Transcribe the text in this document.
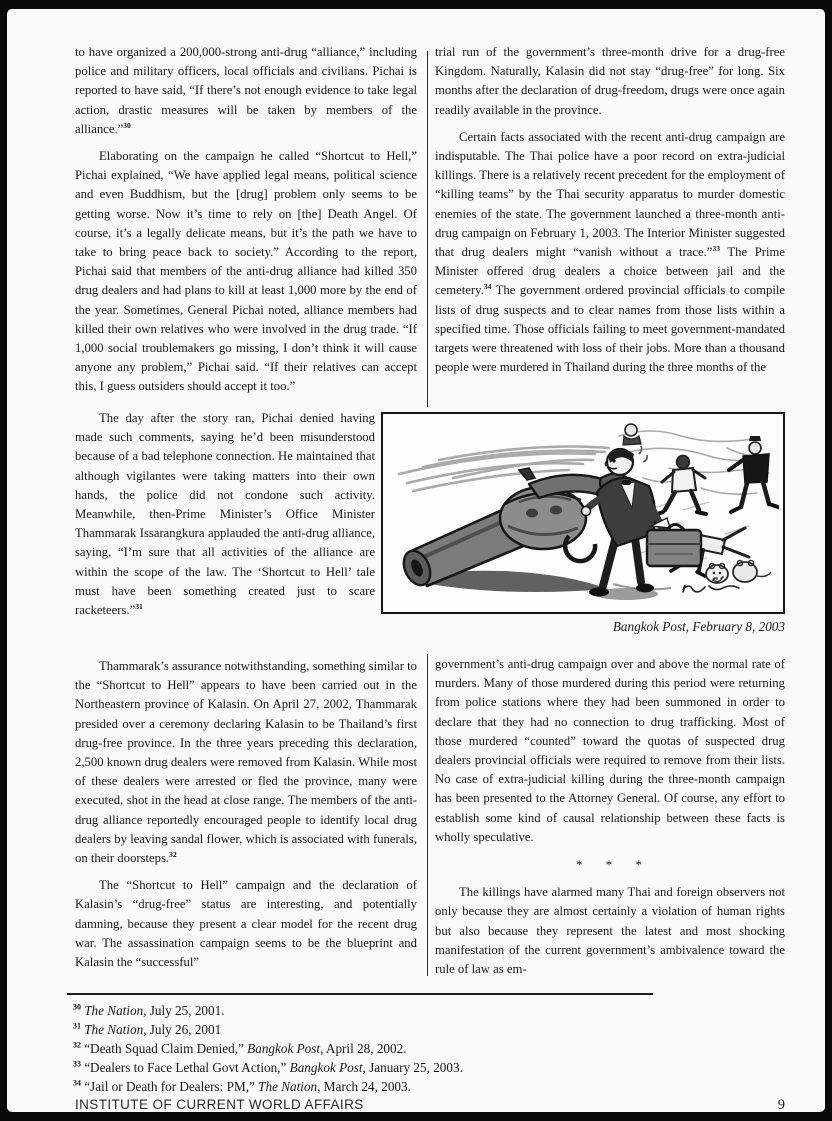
to have organized a 200,000-strong anti-drug “alliance,” including police and military officers, local officials and civilians. Pichai is reported to have said, “If there’s not enough evidence to take legal action, drastic measures will be taken by members of the alliance.”$^{30}$

Elaborating on the campaign he called “Shortcut to Hell,” Pichai explained, “We have applied legal means, political science and even Buddhism, but the [drug] problem only seems to be getting worse. Now it’s time to rely on [the] Death Angel. Of course, it’s a legally delicate means, but it’s the path we have to take to bring peace back to society.” According to the report, Pichai said that members of the anti-drug alliance had killed 350 drug dealers and had plans to kill at least 1,000 more by the end of the year. Sometimes, General Pichai noted, alliance members had killed their own relatives who were involved in the drug trade. “If 1,000 social troublemakers go missing, I don’t think it will cause anyone any problem,” Pichai said. “If their relatives can accept this, I guess outsiders should accept it too.”

The day after the story ran, Pichai denied having made such comments, saying he’d been misunderstood because of a bad telephone connection. He maintained that although vigilantes were taking matters into their own hands, the police did not condone such activity. Meanwhile, then-Prime Minister’s Office Minister Thammarak Issarangkura applauded the anti-drug alliance, saying, “I’m sure that all activities of the alliance are within the scope of the law. The ‘Shortcut to Hell’ tale must have been something created just to scare racketeers.”$^{31}$

Thammarak’s assurance notwithstanding, something similar to the “Shortcut to Hell” appears to have been carried out in the Northeastern province of Kalasin. On April 27, 2002, Thammarak presided over a ceremony declaring Kalasin to be Thailand’s first drug-free province. In the three years preceding this declaration, 2,500 known drug dealers were removed from Kalasin. While most of these dealers were arrested or fled the province, many were executed, shot in the head at close range. The members of the anti-drug alliance reportedly encouraged people to identify local drug dealers by leaving sandal flower, which is associated with funerals, on their doorsteps.$^{32}$

The “Shortcut to Hell” campaign and the declaration of Kalasin’s “drug-free” status are interesting, and potentially damning, because they present a clear model for the recent drug war. The assassination campaign seems to be the blueprint and Kalasin the “successful”

trial run of the government’s three-month drive for a drug-free Kingdom. Naturally, Kalasin did not stay “drug-free” for long. Six months after the declaration of drug-freedom, drugs were once again readily available in the province.

Certain facts associated with the recent anti-drug campaign are indisputable. The Thai police have a poor record on extra-judicial killings. There is a relatively recent precedent for the employment of “killing teams” by the Thai security apparatus to murder domestic enemies of the state. The government launched a three-month anti-drug campaign on February 1, 2003. The Interior Minister suggested that drug dealers might “vanish without a trace.”$^{33}$ The Prime Minister offered drug dealers a choice between jail and the cemetery.$^{34}$ The government ordered provincial officials to compile lists of drug suspects and to clear names from those lists within a specified time. Those officials failing to meet government-mandated targets were threatened with loss of their jobs. More than a thousand people were murdered in Thailand during the three months of the

Bangkok Post, February 8, 2003

government’s anti-drug campaign over and above the normal rate of murders. Many of those murdered during this period were returning from police stations where they had been summoned in order to declare that they had no connection to drug trafficking. Most of those murdered “counted” toward the quotas of suspected drug dealers provincial officials were required to remove from their lists. No case of extra-judicial killing during the three-month campaign has been presented to the Attorney General. Of course, any effort to establish some kind of causal relationship between these facts is wholly speculative.

* * *

The killings have alarmed many Thai and foreign observers not only because they are almost certainly a violation of human rights but also because they represent the latest and most shocking manifestation of the current government’s ambivalence toward the rule of law as em-

$^{30}$ The Nation, July 25, 2001.

$^{31}$ The Nation, July 26, 2001

$^{32}$ “Death Squad Claim Denied,” Bangkok Post, April 28, 2002.

$^{33}$ “Dealers to Face Lethal Govt Action,” Bangkok Post, January 25, 2003.

$^{34}$ “Jail or Death for Dealers: PM,” The Nation, March 24, 2003.

INSTITUTE OF CURRENT WORLD AFFAIRS	9
